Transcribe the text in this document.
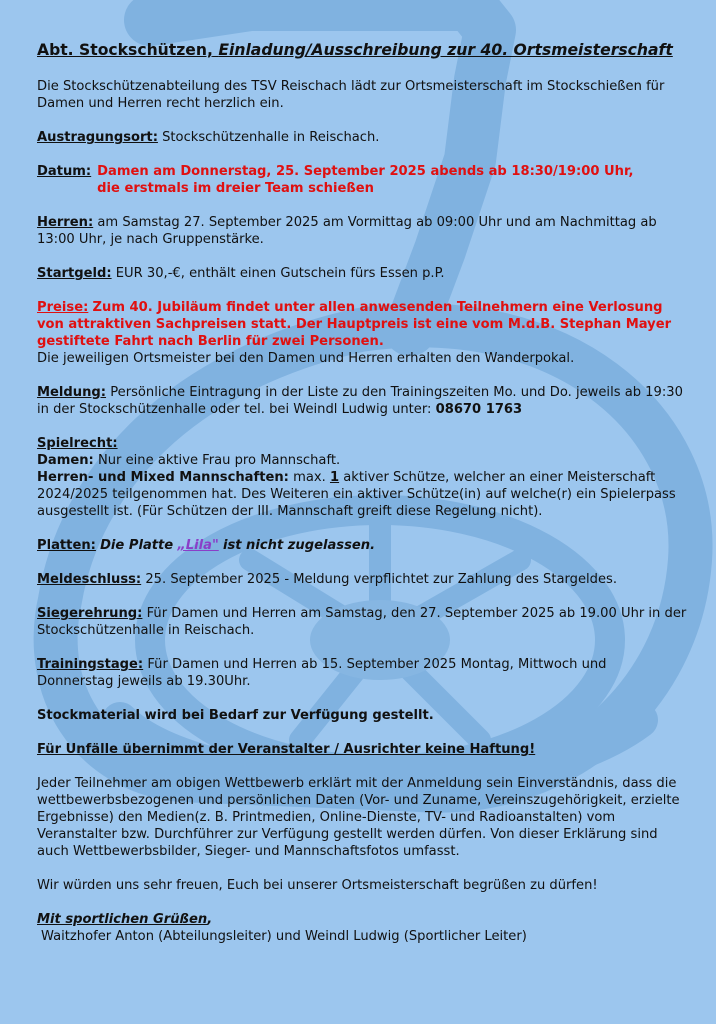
Abt. Stockschützen, Einladung/Ausschreibung zur 40. Ortsmeisterschaft

Die Stockschützenabteilung des TSV Reischach lädt zur Ortsmeisterschaft im Stockschießen für Damen und Herren recht herzlich ein.

Austragungsort: Stockschützenhalle in Reischach.

Datum: Damen am Donnerstag, 25. September 2025 abends ab 18:30/19:00 Uhr,
die erstmals im dreier Team schießen

Herren: am Samstag 27. September 2025 am Vormittag ab 09:00 Uhr und am Nachmittag ab 13:00 Uhr, je nach Gruppenstärke.

Startgeld: EUR 30,-€, enthält einen Gutschein fürs Essen p.P.

Preise: Zum 40. Jubiläum findet unter allen anwesenden Teilnehmern eine Verlosung von attraktiven Sachpreisen statt. Der Hauptpreis ist eine vom M.d.B. Stephan Mayer gestiftete Fahrt nach Berlin für zwei Personen.

Die jeweiligen Ortsmeister bei den Damen und Herren erhalten den Wanderpokal.

Meldung: Persönliche Eintragung in der Liste zu den Trainingszeiten Mo. und Do. jeweils ab 19:30 in der Stockschützenhalle oder tel. bei Weindl Ludwig unter: 08670 1763

Spielrecht:

Damen: Nur eine aktive Frau pro Mannschaft.

Herren- und Mixed Mannschaften: max. 1 aktiver Schütze, welcher an einer Meisterschaft 2024/2025 teilgenommen hat. Des Weiteren ein aktiver Schütze(in) auf welche(r) ein Spielerpass ausgestellt ist. (Für Schützen der III. Mannschaft greift diese Regelung nicht).

Platten: Die Platte „Lila" ist nicht zugelassen.

Meldeschluss: 25. September 2025 - Meldung verpflichtet zur Zahlung des Stargeldes.

Siegerehrung: Für Damen und Herren am Samstag, den 27. September 2025 ab 19.00 Uhr in der Stockschützenhalle in Reischach.

Trainingstage: Für Damen und Herren ab 15. September 2025 Montag, Mittwoch und Donnerstag jeweils ab 19.30Uhr.

Stockmaterial wird bei Bedarf zur Verfügung gestellt.

Für Unfälle übernimmt der Veranstalter / Ausrichter keine Haftung!

Jeder Teilnehmer am obigen Wettbewerb erklärt mit der Anmeldung sein Einverständnis, dass die wettbewerbsbezogenen und persönlichen Daten (Vor- und Zuname, Vereinszugehörigkeit, erzielte Ergebnisse) den Medien(z. B. Printmedien, Online-Dienste, TV- und Radioanstalten) vom Veranstalter bzw. Durchführer zur Verfügung gestellt werden dürfen. Von dieser Erklärung sind auch Wettbewerbsbilder, Sieger- und Mannschaftsfotos umfasst.

Wir würden uns sehr freuen, Euch bei unserer Ortsmeisterschaft begrüßen zu dürfen!

Mit sportlichen Grüßen,

Waitzhofer Anton (Abteilungsleiter) und Weindl Ludwig (Sportlicher Leiter)
